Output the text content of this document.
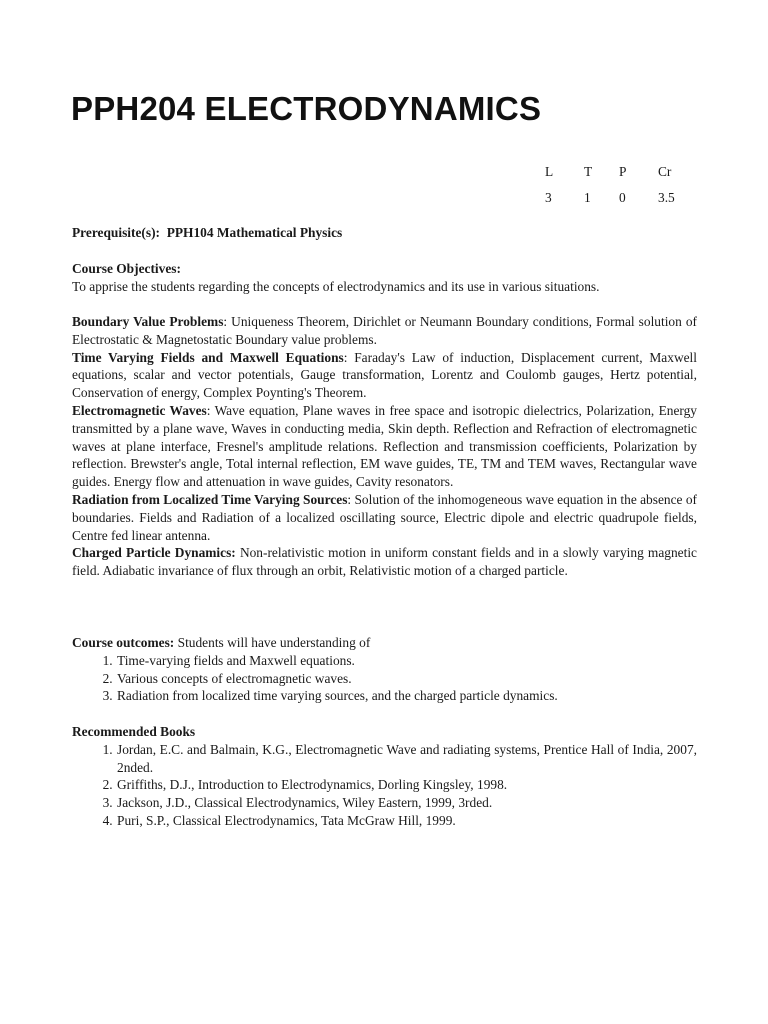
PPH204 ELECTRODYNAMICS
L	T	P	Cr
3	1	0	3.5

Prerequisite(s):  PPH104 Mathematical Physics

Course Objectives:

To apprise the students regarding the concepts of electrodynamics and its use in various situations.

Boundary Value Problems: Uniqueness Theorem, Dirichlet or Neumann Boundary conditions, Formal solution of Electrostatic & Magnetostatic Boundary value problems.

Time Varying Fields and Maxwell Equations: Faraday's Law of induction, Displacement current, Maxwell equations, scalar and vector potentials, Gauge transformation, Lorentz and Coulomb gauges, Hertz potential, Conservation of energy, Complex Poynting's Theorem.

Electromagnetic Waves: Wave equation, Plane waves in free space and isotropic dielectrics, Polarization, Energy transmitted by a plane wave, Waves in conducting media, Skin depth. Reflection and Refraction of electromagnetic waves at plane interface, Fresnel's amplitude relations. Reflection and transmission coefficients, Polarization by reflection. Brewster's angle, Total internal reflection, EM wave guides, TE, TM and TEM waves, Rectangular wave guides. Energy flow and attenuation in wave guides, Cavity resonators.

Radiation from Localized Time Varying Sources: Solution of the inhomogeneous wave equation in the absence of boundaries. Fields and Radiation of a localized oscillating source, Electric dipole and electric quadrupole fields, Centre fed linear antenna.

Charged Particle Dynamics: Non-relativistic motion in uniform constant fields and in a slowly varying magnetic field. Adiabatic invariance of flux through an orbit, Relativistic motion of a charged particle.

Course outcomes: Students will have understanding of

1. Time-varying fields and Maxwell equations.
2. Various concepts of electromagnetic waves.
3. Radiation from localized time varying sources, and the charged particle dynamics.

Recommended Books

1. Jordan, E.C. and Balmain, K.G., Electromagnetic Wave and radiating systems, Prentice Hall of India, 2007, 2nded.
2. Griffiths, D.J., Introduction to Electrodynamics, Dorling Kingsley, 1998.
3. Jackson, J.D., Classical Electrodynamics, Wiley Eastern, 1999, 3rded.
4. Puri, S.P., Classical Electrodynamics, Tata McGraw Hill, 1999.
